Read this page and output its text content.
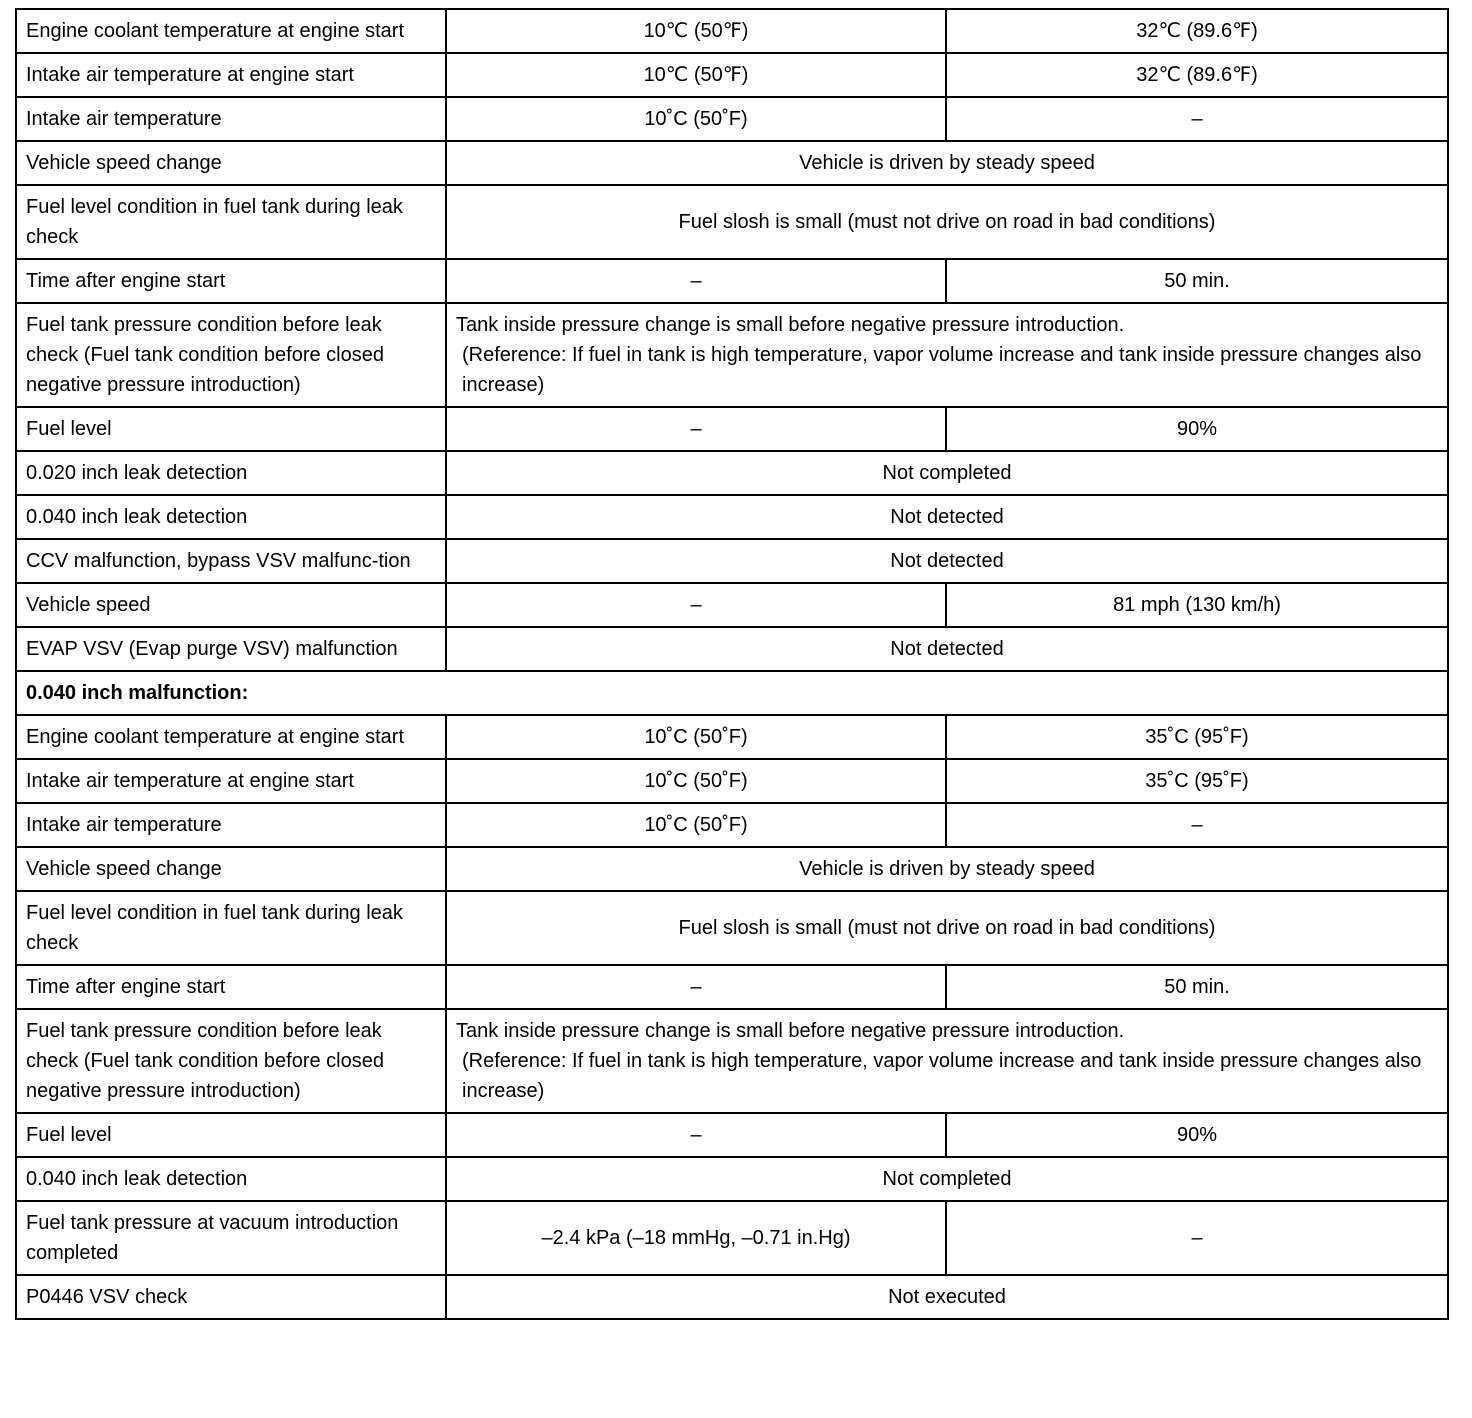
Engine coolant temperature at engine start	10℃ (50℉)	32℃ (89.6℉)
Intake air temperature at engine start	10℃ (50℉)	32℃ (89.6℉)
Intake air temperature	10˚C (50˚F)	–
Vehicle speed change	Vehicle is driven by steady speed	
Fuel level condition in fuel tank during leak check	Fuel slosh is small (must not drive on road in bad conditions)	
Time after engine start	–	50 min.
Fuel tank pressure condition before leak check (Fuel tank condition before closed negative pressure introduction)	Tank inside pressure change is small before negative pressure introduction.
(Reference: If fuel in tank is high temperature, vapor volume increase and tank inside pressure changes also increase)	

Fuel level	–	90%
0.020 inch leak detection	Not completed	
0.040 inch leak detection	Not detected	
CCV malfunction, bypass VSV malfunc-tion	Not detected	
Vehicle speed	–	81 mph (130 km/h)
EVAP VSV (Evap purge VSV) malfunction	Not detected	
0.040 inch malfunction:		
Engine coolant temperature at engine start	10˚C (50˚F)	35˚C (95˚F)
Intake air temperature at engine start	10˚C (50˚F)	35˚C (95˚F)
Intake air temperature	10˚C (50˚F)	–
Vehicle speed change	Vehicle is driven by steady speed	
Fuel level condition in fuel tank during leak check	Fuel slosh is small (must not drive on road in bad conditions)	
Time after engine start	–	50 min.
Fuel tank pressure condition before leak check (Fuel tank condition before closed negative pressure introduction)	Tank inside pressure change is small before negative pressure introduction.
(Reference: If fuel in tank is high temperature, vapor volume increase and tank inside pressure changes also increase)	

Fuel level	–	90%
0.040 inch leak detection	Not completed	
Fuel tank pressure at vacuum introduction completed	–2.4 kPa (–18 mmHg, –0.71 in.Hg)	–
P0446 VSV check	Not executed	
